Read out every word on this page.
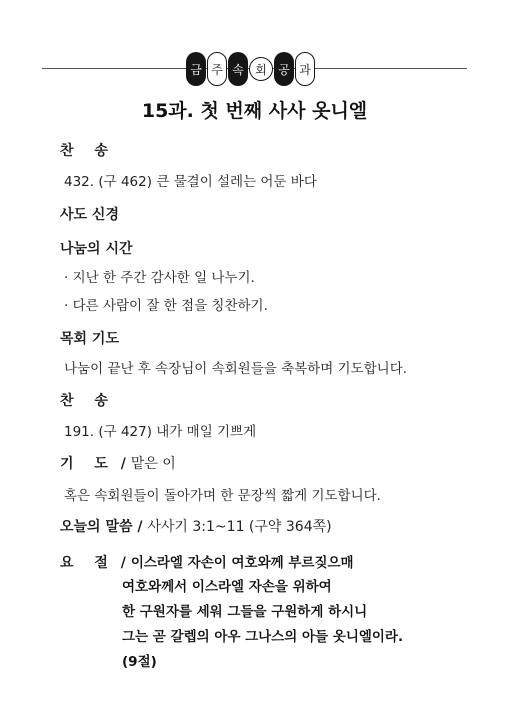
금 주 속 회 공 과
15과. 첫 번째 사사 옷니엘
찬 송
432. (구 462) 큰 물결이 설레는 어둔 바다
사도 신경
나눔의 시간
· 지난 한 주간 감사한 일 나누기.
· 다른 사람이 잘 한 점을 칭찬하기.
목회 기도
나눔이 끝난 후 속장님이 속회원들을 축복하며 기도합니다.
찬 송
191. (구 427) 내가 매일 기쁘게
기 도 / 맡은 이
혹은 속회원들이 돌아가며 한 문장씩 짧게 기도합니다.
오늘의 말씀 / 사사기 3:1~11 (구약 364쪽)
요 절 / 이스라엘 자손이 여호와께 부르짖으매
여호와께서 이스라엘 자손을 위하여
한 구원자를 세워 그들을 구원하게 하시니
그는 곧 갈렙의 아우 그나스의 아들 옷니엘이라.
(9절)
